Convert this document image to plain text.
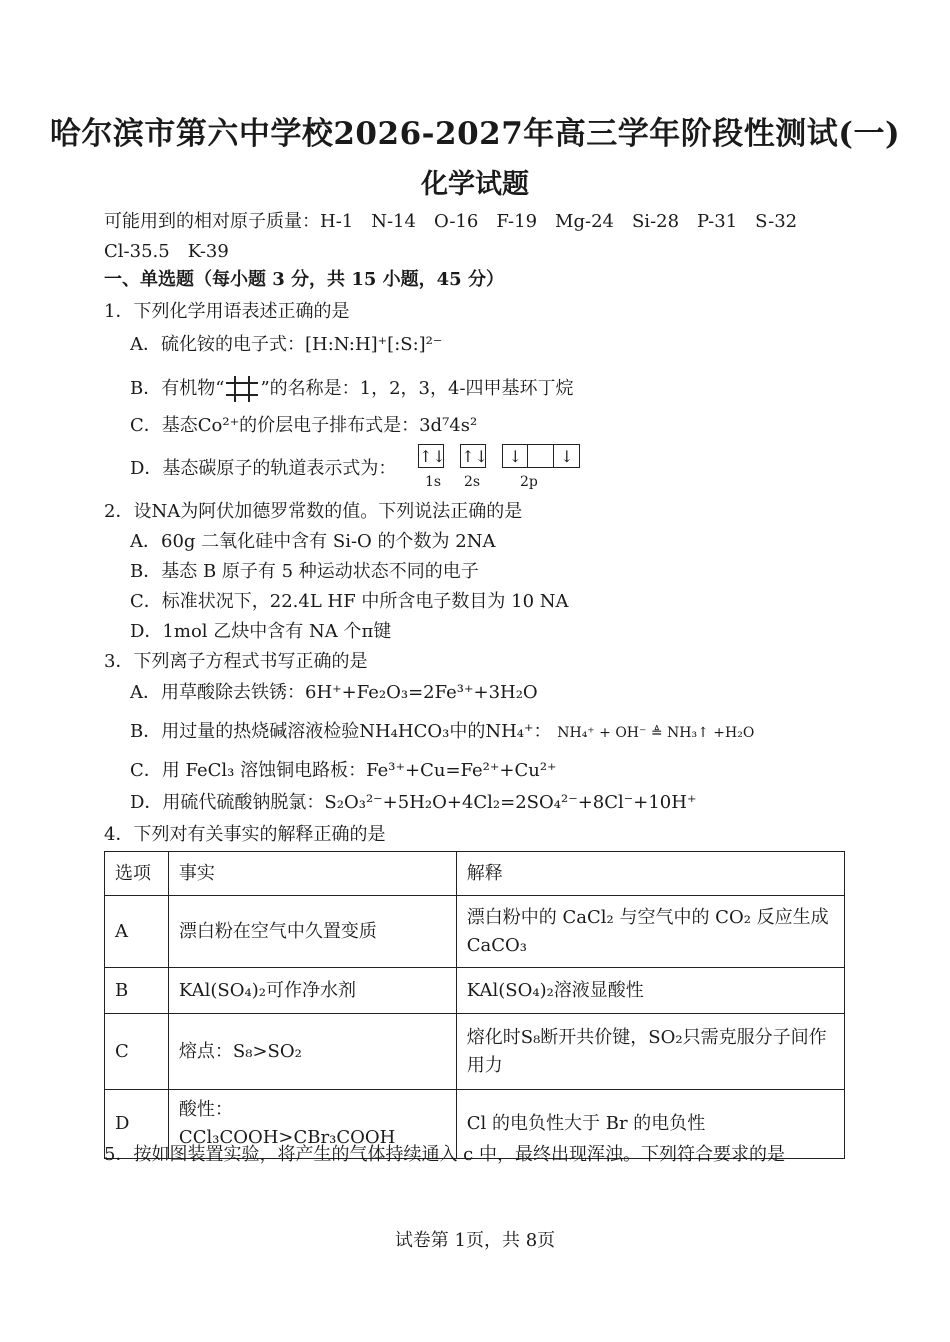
哈尔滨市第六中学校2026-2027年高三学年阶段性测试(一)
化学试题
可能用到的相对原子质量：H-1　N-14　O-16　F-19　Mg-24　Si-28　P-31　S-32
Cl-35.5　K-39
一、单选题（每小题 3 分，共 15 小题，45 分）
1．下列化学用语表述正确的是
A．硫化铵的电子式：[H:N:H]⁺[:S:]²⁻
B．有机物“ ”的名称是：1，2，3，4-四甲基环丁烷
C．基态Co²⁺的价层电子排布式是：3d⁷4s²
D．基态碳原子的轨道表示式为：
↑↓ ↑↓ ↓ ↓
1s 2s	2p
2．设NA为阿伏加德罗常数的值。下列说法正确的是
A．60g 二氧化硅中含有 Si-O 的个数为 2NA
B．基态 B 原子有 5 种运动状态不同的电子
C．标准状况下，22.4L HF 中所含电子数目为 10 NA
D．1mol 乙炔中含有 NA 个π键
3．下列离子方程式书写正确的是
A．用草酸除去铁锈：6H⁺+Fe₂O₃=2Fe³⁺+3H₂O
B．用过量的热烧碱溶液检验NH₄HCO₃中的NH₄⁺： NH₄⁺ + OH⁻ ≜ NH₃↑ +H₂O
C．用 FeCl₃ 溶蚀铜电路板：Fe³⁺+Cu=Fe²⁺+Cu²⁺
D．用硫代硫酸钠脱氯：S₂O₃²⁻+5H₂O+4Cl₂=2SO₄²⁻+8Cl⁻+10H⁺
4．下列对有关事实的解释正确的是
选项	事实	解释
A	漂白粉在空气中久置变质	漂白粉中的 CaCl₂ 与空气中的 CO₂ 反应生成 CaCO₃
B	KAl(SO₄)₂可作净水剂	KAl(SO₄)₂溶液显酸性
C	熔点：S₈>SO₂	熔化时S₈断开共价键，SO₂只需克服分子间作用力
D	酸性：CCl₃COOH>CBr₃COOH	Cl 的电负性大于 Br 的电负性
5．按如图装置实验，将产生的气体持续通入 c 中，最终出现浑浊。下列符合要求的是
试卷第 1页，共 8页
